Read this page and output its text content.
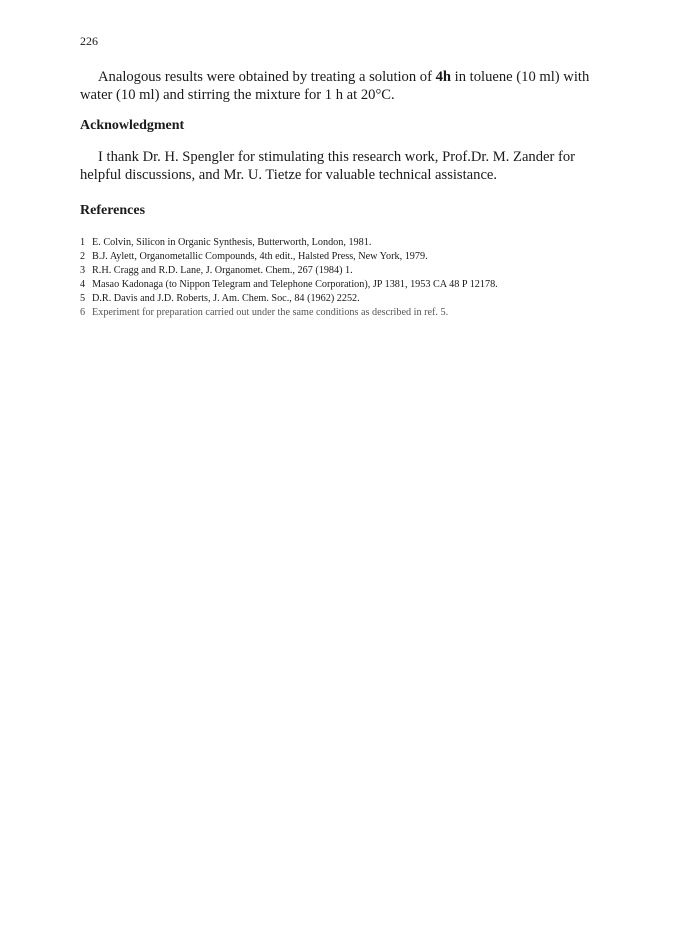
226

Analogous results were obtained by treating a solution of 4h in toluene (10 ml) with water (10 ml) and stirring the mixture for 1 h at 20°C.

Acknowledgment

I thank Dr. H. Spengler for stimulating this research work, Prof.Dr. M. Zander for helpful discussions, and Mr. U. Tietze for valuable technical assistance.

References
1 E. Colvin, Silicon in Organic Synthesis, Butterworth, London, 1981.
2 B.J. Aylett, Organometallic Compounds, 4th edit., Halsted Press, New York, 1979.
3 R.H. Cragg and R.D. Lane, J. Organomet. Chem., 267 (1984) 1.
4 Masao Kadonaga (to Nippon Telegram and Telephone Corporation), JP 1381, 1953 CA 48 P 12178.
5 D.R. Davis and J.D. Roberts, J. Am. Chem. Soc., 84 (1962) 2252.
6 Experiment for preparation carried out under the same conditions as described in ref. 5.
